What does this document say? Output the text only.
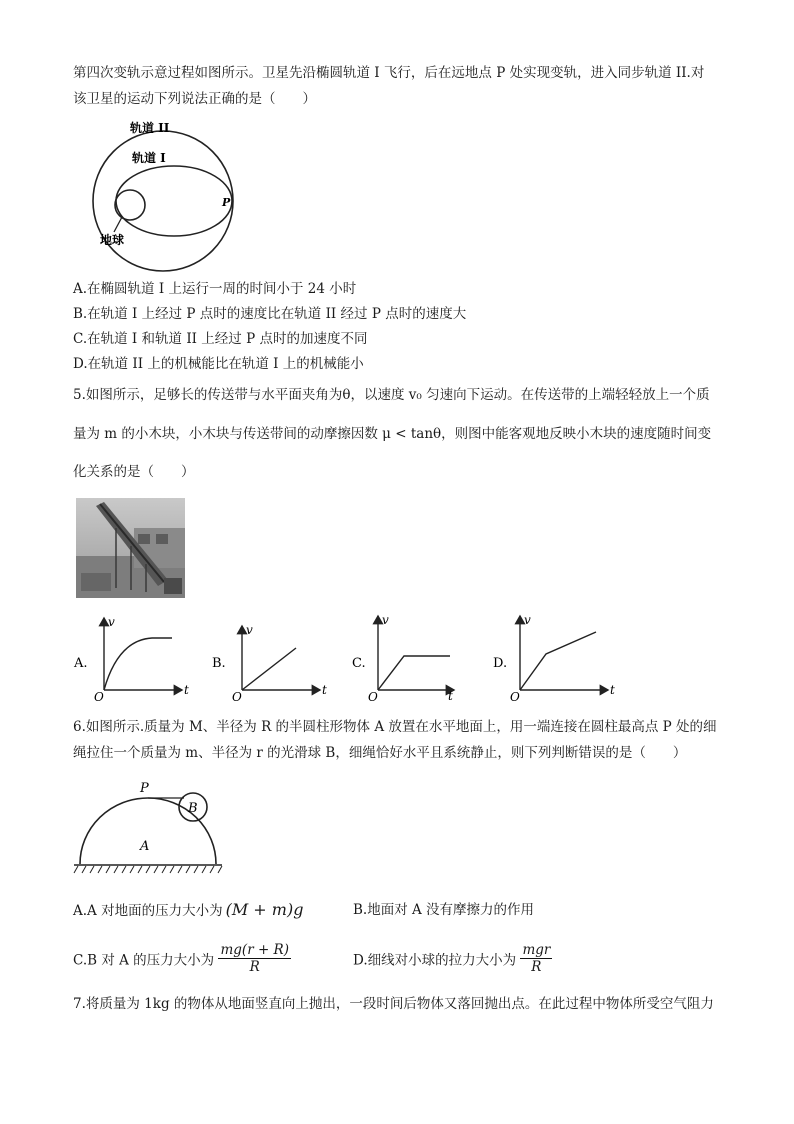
第四次变轨示意过程如图所示。卫星先沿椭圆轨道 I 飞行，后在远地点 P 处实现变轨，进入同步轨道 II.对
该卫星的运动下列说法正确的是（　　）
轨道 II
轨道 I
P
地球
A.在椭圆轨道 I 上运行一周的时间小于 24 小时
B.在轨道 I 上经过 P 点时的速度比在轨道 II 经过 P 点时的速度大
C.在轨道 I 和轨道 II 上经过 P 点时的加速度不同
D.在轨道 II 上的机械能比在轨道 I 上的机械能小
5.如图所示，足够长的传送带与水平面夹角为θ，以速度 v₀ 匀速向下运动。在传送带的上端轻轻放上一个质
量为 m 的小木块，小木块与传送带间的动摩擦因数 μ < tanθ，则图中能客观地反映小木块的速度随时间变
化关系的是（　　）
A.
v
t
O
B.
v
t
O
C.
v
t
O
D.
v
t
O
6.如图所示.质量为 M、半径为 R 的半圆柱形物体 A 放置在水平地面上，用一端连接在圆柱最高点 P 处的细
绳拉住一个质量为 m、半径为 r 的光滑球 B，细绳恰好水平且系统静止，则下列判断错误的是（　　）
P
B
A
A.A 对地面的压力大小为 (M + m)g	B.地面对 A 没有摩擦力的作用
C.B 对 A 的压力大小为 $\frac{mg(r + R)}{R}$	D.细线对小球的拉力大小为 $\frac{\text{mgr}}{R}$
7.将质量为 1kg 的物体从地面竖直向上抛出，一段时间后物体又落回抛出点。在此过程中物体所受空气阻力
